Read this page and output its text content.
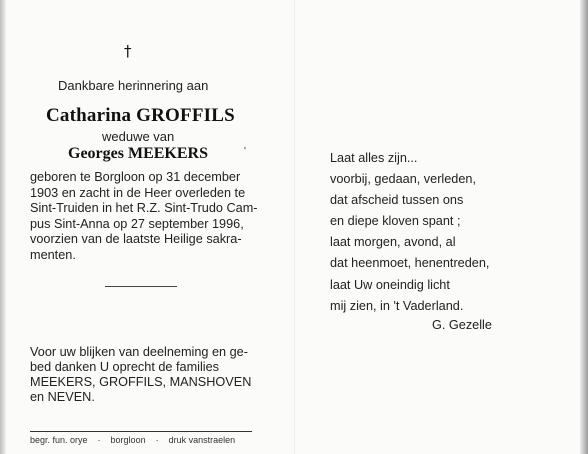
†
Dankbare herinnering aan
Catharina GROFFILS
weduwe van
Georges MEEKERS	'
geboren te Borgloon op 31 december
1903 en zacht in de Heer overleden te
Sint-Truiden in het R.Z. Sint-Trudo Cam-
pus Sint-Anna op 27 september 1996,
voorzien van de laatste Heilige sakra-
menten.
Voor uw blijken van deelneming en ge-
bed danken U oprecht de families
MEEKERS, GROFFILS, MANSHOVEN
en NEVEN.
begr. fun. orye · borgloon · druk vanstraelen
Laat alles zijn...
voorbij, gedaan, verleden,
dat afscheid tussen ons
en diepe kloven spant ;
laat morgen, avond, al
dat heenmoet, henentreden,
laat Uw oneindig licht
mij zien, in 't Vaderland.
G. Gezelle
